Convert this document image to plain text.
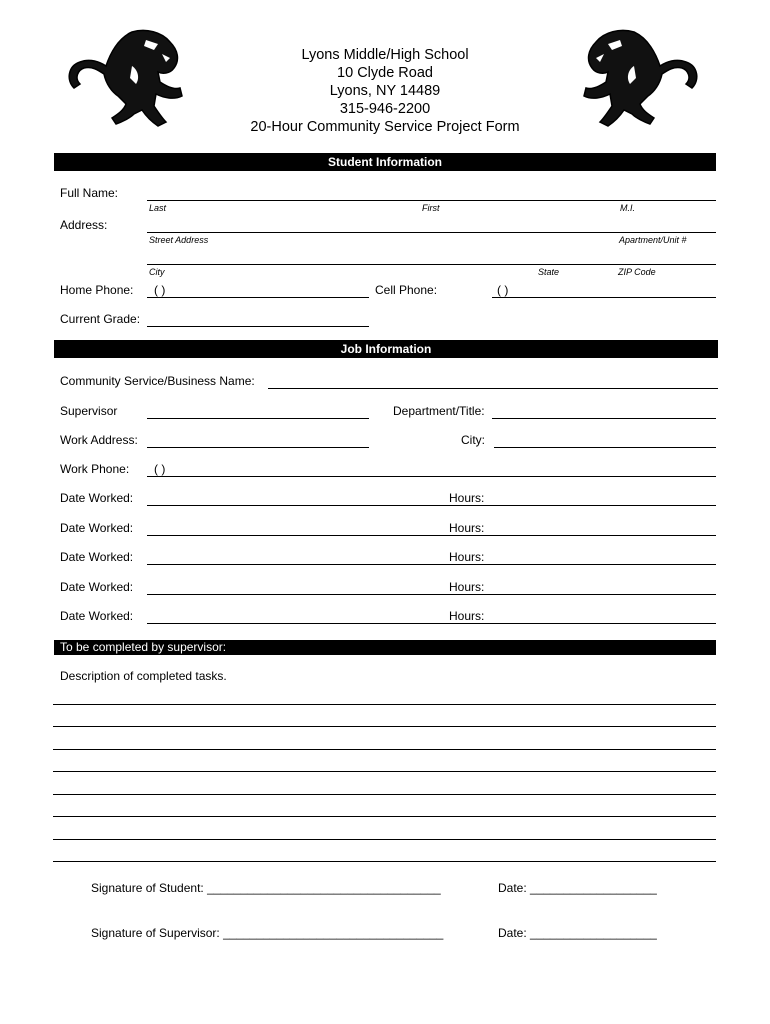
Lyons Middle/High School
10 Clyde Road
Lyons, NY 14489
315-946-2200
20-Hour Community Service Project Form
Student Information
Full Name:
Last	First	M.I.
Address:
Street Address	Apartment/Unit #
City	State	ZIP Code
Home Phone: ( )	Cell Phone:	( )
Current Grade:
Job Information
Community Service/Business Name:
Supervisor	Department/Title:
Work Address:	City:
Work Phone: ( )
Date Worked:	Hours:
Date Worked:	Hours:
Date Worked:	Hours:
Date Worked:	Hours:
Date Worked:	Hours:
To be completed by supervisor:
Description of completed tasks.
Signature of Student: ___________________________________	Date: ___________________
Signature of Supervisor: _________________________________	Date: ___________________
